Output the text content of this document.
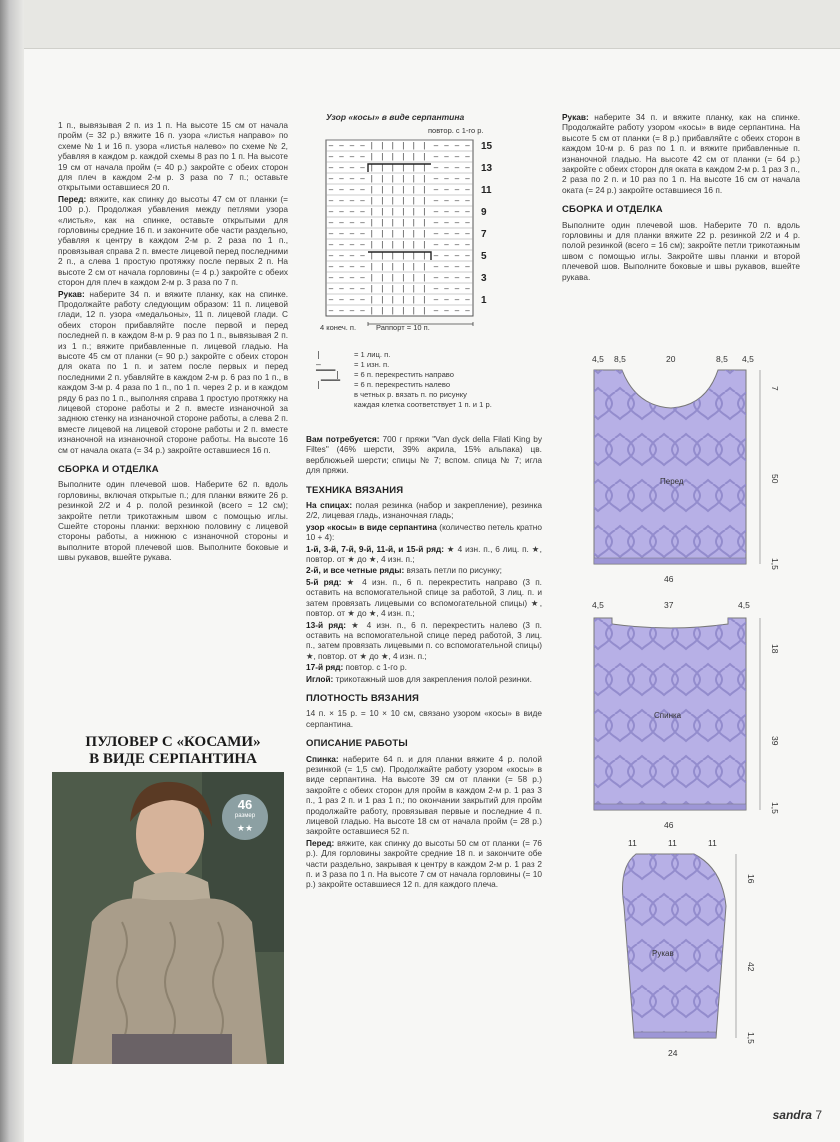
1 п., вывязывая 2 п. из 1 п. На высоте 15 см от начала пройм (= 32 р.) вяжите 16 п. узора «листья направо» по схеме № 1 и 16 п. узора «листья налево» по схеме № 2, убавляя в каждом р. каждой схемы 8 раз по 1 п. На высоте 19 см от начала пройм (= 40 р.) закройте с обеих сторон для плеч в каждом 2-м р. 3 раза по 7 п.; оставьте открытыми оставшиеся 20 п.

Перед: вяжите, как спинку до высоты 47 см от планки (= 100 р.). Продолжая убавления между петлями узора «листья», как на спинке, оставьте открытыми для горловины средние 16 п. и закончите обе части раздельно, убавляя к центру в каждом 2-м р. 2 раза по 1 п., провязывая справа 2 п. вместе лицевой перед последними 2 п., а слева 1 простую протяжку после первых 2 п. На высоте 2 см от начала горловины (= 4 р.) закройте с обеих сторон для плеч в каждом 2-м р. 3 раза по 7 п.

Рукав: наберите 34 п. и вяжите планку, как на спинке. Продолжайте работу следующим образом: 11 п. лицевой глади, 12 п. узора «медальоны», 11 п. лицевой глади. С обеих сторон прибавляйте после первой и перед последней п. в каждом 8-м р. 9 раз по 1 п., вывязывая 2 п. из 1 п.; вяжите прибавленные п. лицевой гладью. На высоте 45 см от планки (= 90 р.) закройте с обеих сторон для оката по 1 п. и затем после первых и перед последними 2 п. убавляйте в каждом 2-м р. 6 раз по 1 п., в каждом 3-м р. 4 раза по 1 п., по 1 п. через 2 р. и в каждом ряду 6 раз по 1 п., выполняя справа 1 простую протяжку на лицевой стороне работы и 2 п. вместе изнаночной за заднюю стенку на изнаночной стороне работы, а слева 2 п. вместе лицевой на лицевой стороне работы и 2 п. вместе изнаночной на изнаночной стороне работы. На высоте 16 см от начала оката (= 34 р.) закройте оставшиеся 16 п.

СБОРКА И ОТДЕЛКА

Выполните один плечевой шов. Наберите 62 п. вдоль горловины, включая открытые п.; для планки вяжите 26 р. резинкой 2/2 и 4 р. полой резинкой (всего = 12 см); закройте петли трикотажным швом с помощью иглы. Сшейте стороны планки: верхнюю половину с лицевой стороны работы, а нижнюю с изнаночной стороны и выполните второй плечевой шов. Выполните боковые и швы рукавов, вшейте рукава.

ПУЛОВЕР С «КОСАМИ»
В ВИДЕ СЕРПАНТИНА
46
размер
★★
Узор «косы» в виде серпантина
повтор. с 1-го р.
– – – – | | | | | | – – – –
– – – – | | | | | | – – – –
– – – – | | | | | | – – – –
– – – – | | | | | | – – – –
– – – – | | | | | | – – – –
– – – – | | | | | | – – – –
– – – – | | | | | | – – – –
– – – – | | | | | | – – – –
– – – – | | | | | | – – – –
– – – – | | | | | | – – – –
– – – – | | | | | | – – – –
– – – – | | | | | | – – – –
– – – – | | | | | | – – – –
– – – – | | | | | | – – – –
– – – – | | | | | | – – – –
– – – – | | | | | | – – – –
15
13
11
9
7
5
3
1
4 конеч. п.	Раппорт = 10 п.
|	= 1 лиц. п.
–	= 1 изн. п.
▔▔▔▔| = 6 п. перекрестить направо
|▔▔▔▔ = 6 п. перекрестить налево
в четных р. вязать п. по рисунку
каждая клетка соответствует 1 п. и 1 р.

Вам потребуется: 700 г пряжи "Van dyck della Filati King by Filtes" (46% шерсти, 39% акрила, 15% альпака) цв. верблюжьей шерсти; спицы № 7; вспом. спица № 7; игла для пряжи.

ТЕХНИКА ВЯЗАНИЯ

На спицах: полая резинка (набор и закрепление), резинка 2/2, лицевая гладь, изнаночная гладь;

узор «косы» в виде серпантина (количество петель кратно 10 + 4):

1-й, 3-й, 7-й, 9-й, 11-й, и 15-й ряд: ★ 4 изн. п., 6 лиц. п. ★, повтор. от ★ до ★, 4 изн. п.;

2-й, и все четные ряды: вязать петли по рисунку;

5-й ряд: ★ 4 изн. п., 6 п. перекрестить направо (3 п. оставить на вспомогательной спице за работой, 3 лиц. п. и затем провязать лицевыми со вспомогательной спицы) ★, повтор. от ★ до ★, 4 изн. п.;

13-й ряд: ★ 4 изн. п., 6 п. перекрестить налево (3 п. оставить на вспомогательной спице перед работой, 3 лиц. п., затем провязать лицевыми п. со вспомогательной спицы) ★, повтор. от ★ до ★, 4 изн. п.;

17-й ряд: повтор. с 1-го р.

Иглой: трикотажный шов для закрепления полой резинки.

ПЛОТНОСТЬ ВЯЗАНИЯ

14 п. × 15 р. = 10 × 10 см, связано узором «косы» в виде серпантина.

ОПИСАНИЕ РАБОТЫ

Спинка: наберите 64 п. и для планки вяжите 4 р. полой резинкой (= 1,5 см). Продолжайте работу узором «косы» в виде серпантина. На высоте 39 см от планки (= 58 р.) закройте с обеих сторон для пройм в каждом 2-м р. 1 раз 3 п., 1 раз 2 п. и 1 раз 1 п.; по окончании закрытий для пройм продолжайте работу, провязывая первые и последние 4 п. лицевой гладью. На высоте 18 см от начала пройм (= 28 р.) закройте оставшиеся 52 п.

Перед: вяжите, как спинку до высоты 50 см от планки (= 76 р.). Для горловины закройте средние 18 п. и закончите обе части раздельно, закрывая к центру в каждом 2-м р. 1 раз 2 п. и 3 раза по 1 п. На высоте 7 см от начала горловины (= 10 р.) закройте оставшиеся 12 п. для каждого плеча.

Рукав: наберите 34 п. и вяжите планку, как на спинке. Продолжайте работу узором «косы» в виде серпантина. На высоте 5 см от планки (= 8 р.) прибавляйте с обеих сторон в каждом 10-м р. 6 раз по 1 п. и вяжите прибавленные п. изнаночной гладью. На высоте 42 см от планки (= 64 р.) закройте с обеих сторон для оката в каждом 2-м р. 1 раз 3 п., 2 раза по 2 п. и 10 раз по 1 п. На высоте 16 см от начала оката (= 24 р.) закройте оставшиеся 16 п.

СБОРКА И ОТДЕЛКА

Выполните один плечевой шов. Наберите 70 п. вдоль горловины и для планки вяжите 22 р. резинкой 2/2 и 4 р. полой резинкой (всего = 16 см); закройте петли трикотажным швом с помощью иглы. Закройте швы планки и второй плечевой шов. Выполните боковые и швы рукавов, вшейте рукава.

Перед
4,5 8,5	20	8,5 4,5
7
50
1,5
46
Спинка
4,5	37	4,5
18
39
1,5
46
Рукав
11	11	11
16
42
1,5
24
sandra 7
